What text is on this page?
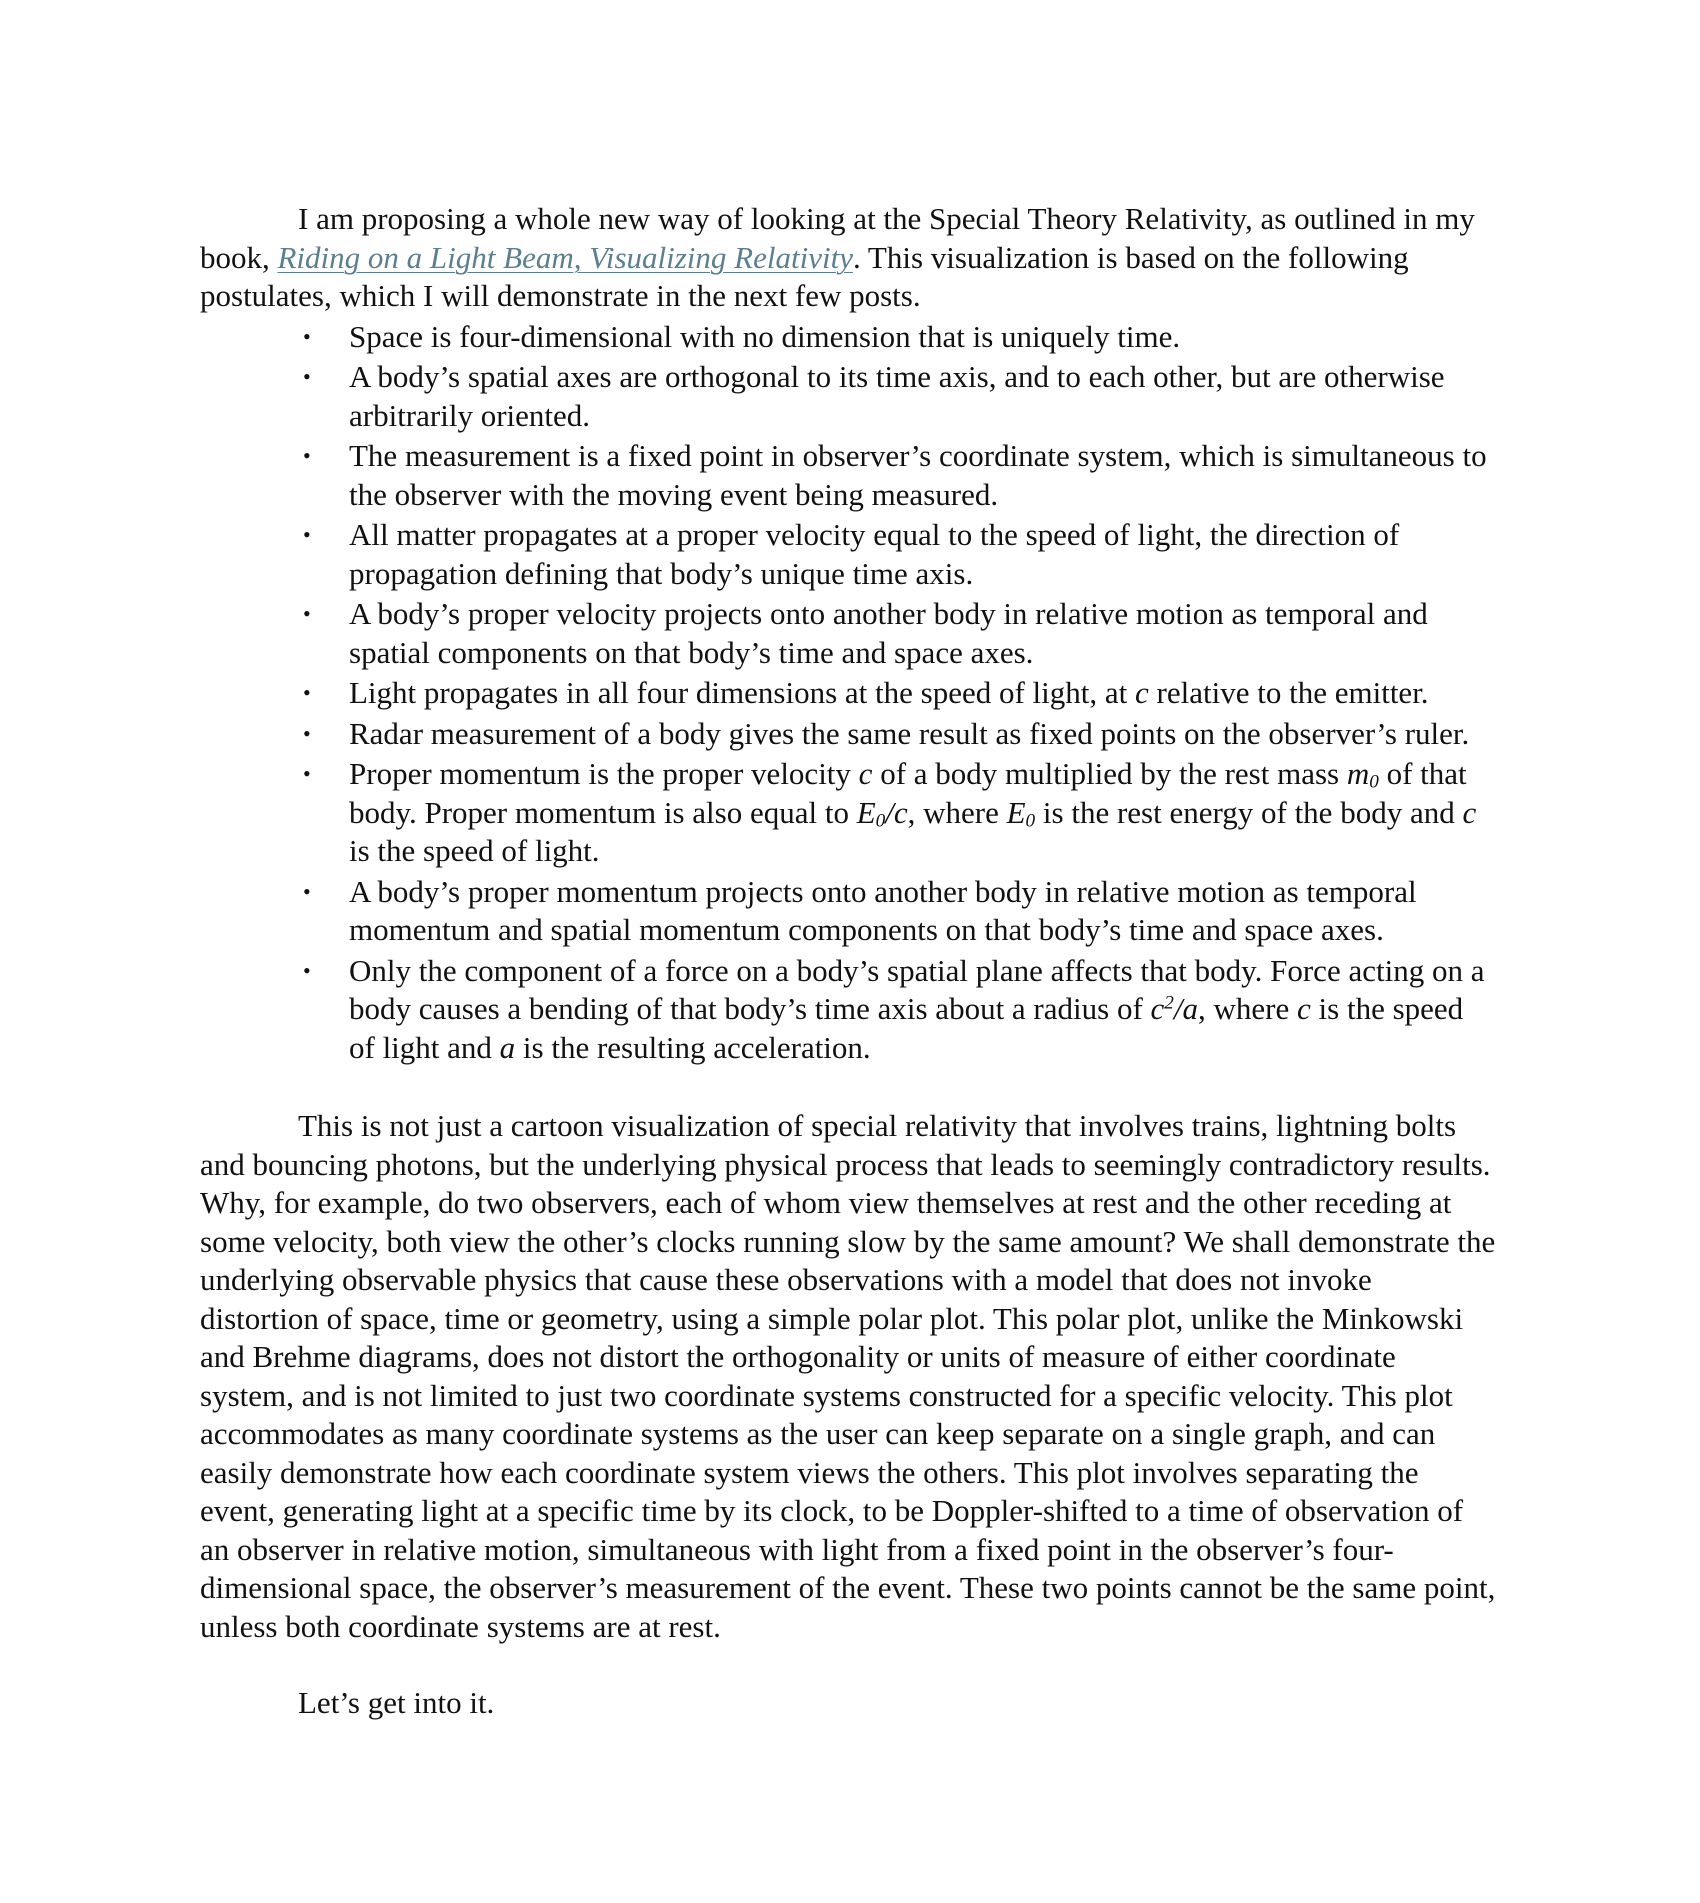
I am proposing a whole new way of looking at the Special Theory Relativity, as outlined in my book, Riding on a Light Beam, Visualizing Relativity. This visualization is based on the following postulates, which I will demonstrate in the next few posts.

• Space is four-dimensional with no dimension that is uniquely time.
• A body’s spatial axes are orthogonal to its time axis, and to each other, but are otherwise arbitrarily oriented.
• The measurement is a fixed point in observer’s coordinate system, which is simultaneous to the observer with the moving event being measured.
• All matter propagates at a proper velocity equal to the speed of light, the direction of propagation defining that body’s unique time axis.
• A body’s proper velocity projects onto another body in relative motion as temporal and spatial components on that body’s time and space axes.
• Light propagates in all four dimensions at the speed of light, at c relative to the emitter.
• Radar measurement of a body gives the same result as fixed points on the observer’s ruler.
• Proper momentum is the proper velocity c of a body multiplied by the rest mass $m_0$ of that body. Proper momentum is also equal to $E_0/c$, where $E_0$ is the rest energy of the body and c is the speed of light.
• A body’s proper momentum projects onto another body in relative motion as temporal momentum and spatial momentum components on that body’s time and space axes.
• Only the component of a force on a body’s spatial plane affects that body. Force acting on a body causes a bending of that body’s time axis about a radius of $c^2/a$, where c is the speed of light and a is the resulting acceleration.

This is not just a cartoon visualization of special relativity that involves trains, lightning bolts and bouncing photons, but the underlying physical process that leads to seemingly contradictory results. Why, for example, do two observers, each of whom view themselves at rest and the other receding at some velocity, both view the other’s clocks running slow by the same amount? We shall demonstrate the underlying observable physics that cause these observations with a model that does not invoke distortion of space, time or geometry, using a simple polar plot. This polar plot, unlike the Minkowski and Brehme diagrams, does not distort the orthogonality or units of measure of either coordinate system, and is not limited to just two coordinate systems constructed for a specific velocity. This plot accommodates as many coordinate systems as the user can keep separate on a single graph, and can easily demonstrate how each coordinate system views the others. This plot involves separating the event, generating light at a specific time by its clock, to be Doppler-shifted to a time of observation of an observer in relative motion, simultaneous with light from a fixed point in the observer’s four-dimensional space, the observer’s measurement of the event. These two points cannot be the same point, unless both coordinate systems are at rest.

Let’s get into it.
